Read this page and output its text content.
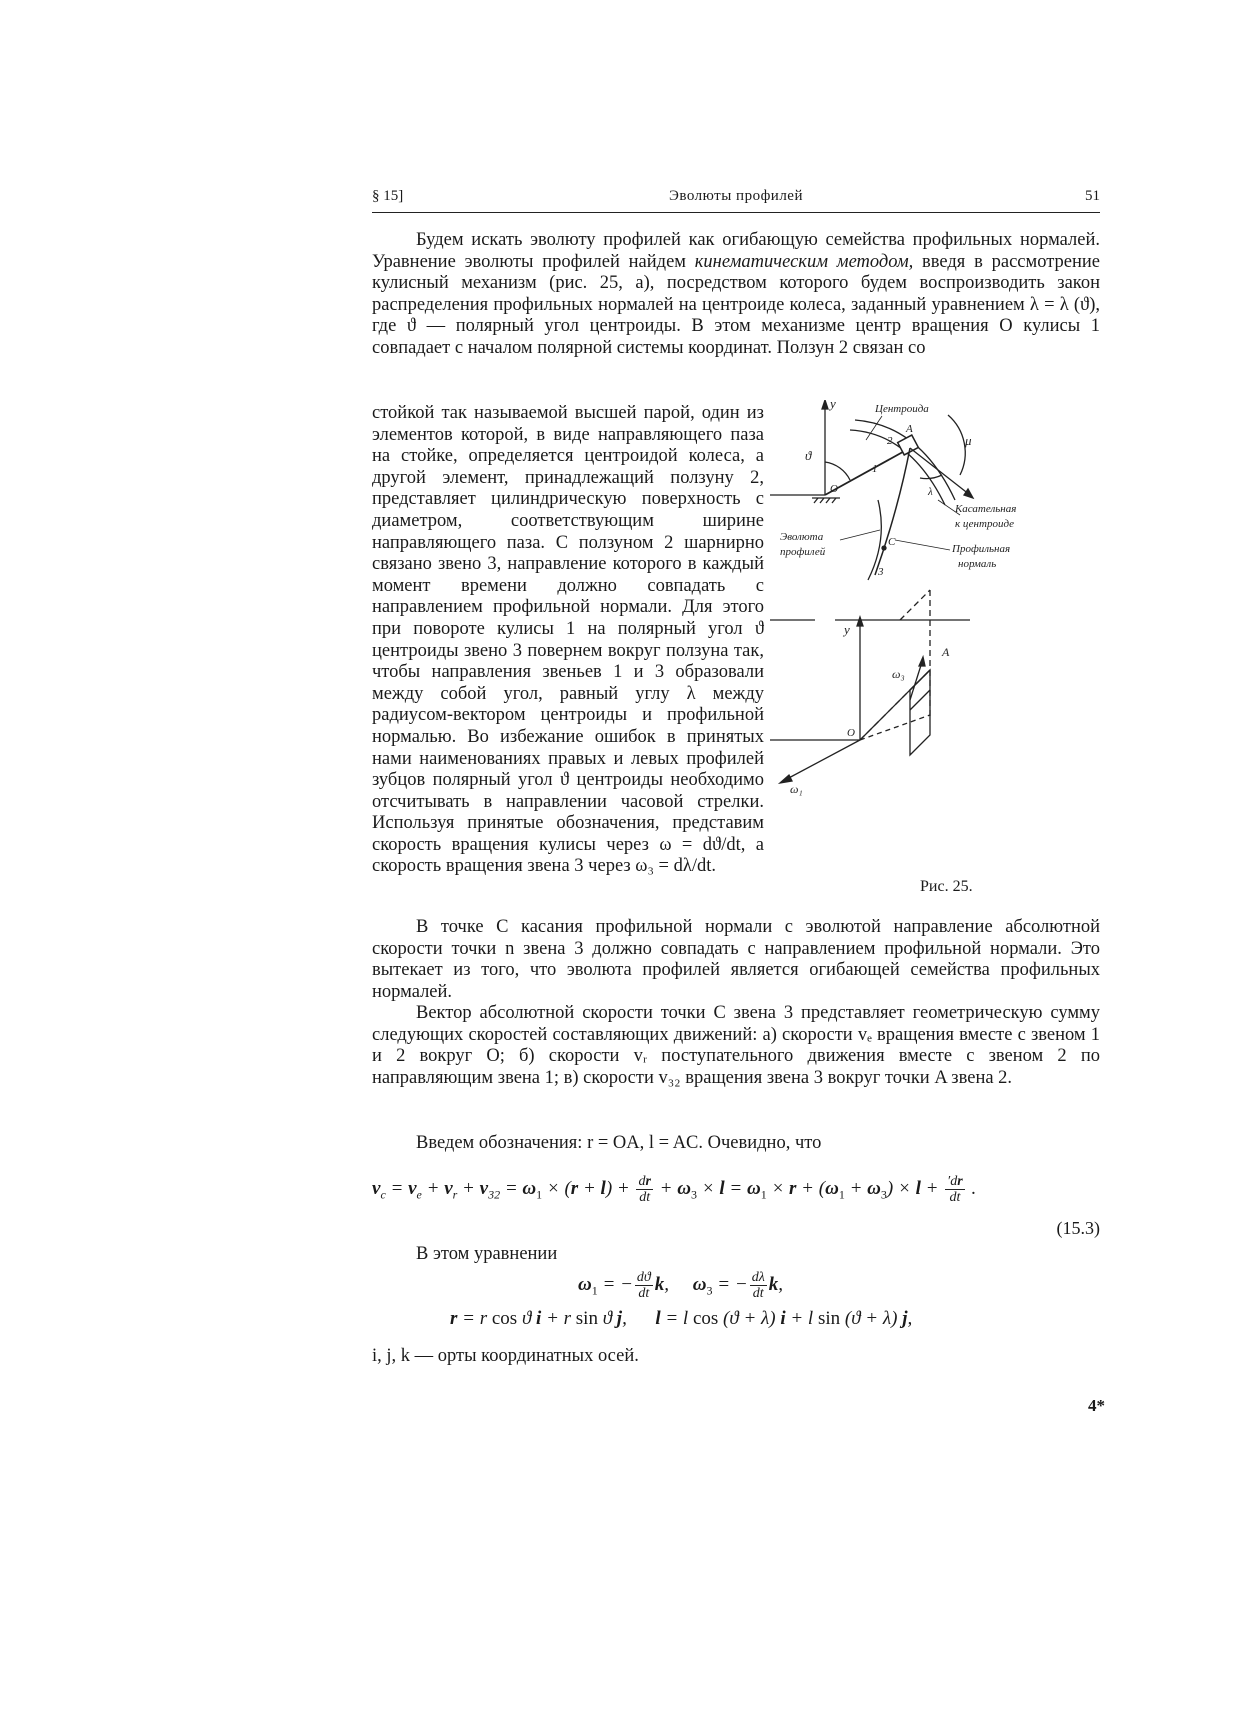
§ 15]	Эволюты профилей	51

Будем искать эволюту профилей как огибающую семейства профильных нормалей. Уравнение эволюты профилей найдем кинематическим методом, введя в рассмотрение кулисный механизм (рис. 25, а), посредством которого будем воспроизводить закон распределения профильных нормалей на центроиде колеса, заданный уравнением λ = λ (ϑ), где ϑ — полярный угол центроиды. В этом механизме центр вращения O кулисы 1 совпадает с началом полярной системы координат. Ползун 2 связан со

стойкой так называемой высшей парой, один из элементов которой, в виде направляющего паза на стойке, определяется центроидой колеса, а другой элемент, принадлежащий ползуну 2, представляет цилиндрическую поверхность с диаметром, соответствующим ширине направляющего паза. С ползуном 2 шарнирно связано звено 3, направление которого в каждый момент времени должно совпадать с направлением профильной нормали. Для этого при повороте кулисы 1 на полярный угол ϑ центроиды звено 3 повернем вокруг ползуна так, чтобы направления звеньев 1 и 3 образовали между собой угол, равный углу λ между радиусом-вектором центроиды и профильной нормалью. Во избежание ошибок в принятых нами наименованиях правых и левых профилей зубцов полярный угол ϑ центроиды необходимо отсчитывать в направлении часовой стрелки. Используя принятые обозначения, представим скорость вращения кулисы через ω = dϑ/dt, а скорость вращения звена 3 через ω₃ = dλ/dt.

В точке C касания профильной нормали с эволютой направление абсолютной скорости точки n звена 3 должно совпадать с направлением профильной нормали. Это вытекает из того, что эволюта профилей является огибающей семейства профильных нормалей.

Вектор абсолютной скорости точки C звена 3 представляет геометрическую сумму следующих скоростей составляющих движений: а) скорости vₑ вращения вместе с звеном 1 и 2 вокруг O; б) скорости vᵣ поступательного движения вместе с звеном 2 по направляющим звена 1; в) скорости v₃₂ вращения звена 3 вокруг точки A звена 2.

Введем обозначения: r = OA, l = AC. Очевидно, что

$v_c = v_e + v_r + v_{32} = \omega_1 \times (r + l) + \frac{dr}{dt} + \omega_3 \times l = \omega_1 \times r + (\omega_1 + \omega_3) \times l + \frac{'dr}{dt}$ .
(15.3)

В этом уравнении

$\omega_1$ = − $\frac{dϑ}{dt} k$,     $\omega_3$ = − $\frac{d\lambda}{dt} k$,
r = r cos ϑ i + r sin ϑ j,      l = l cos (ϑ + λ) i + l sin (ϑ + λ) j,

i, j, k — орты координатных осей.

Центроида
y
O
ϑ
1
2
A
μ
λ
Касательная
к центроиде
Эволюта
профилей
C
Профильная
нормаль
3
y
O
A
ω₃
ω₁
Рис. 25.
4*
